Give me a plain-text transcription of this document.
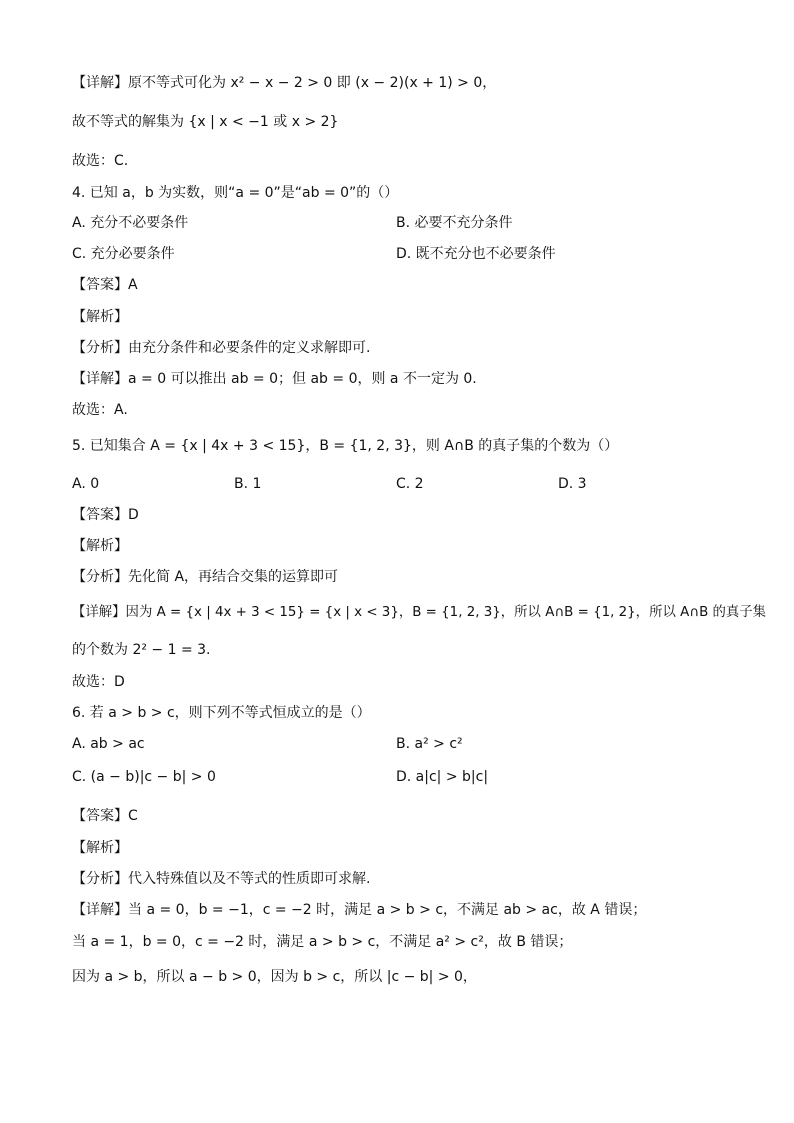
【详解】原不等式可化为 x² − x − 2 > 0 即 (x − 2)(x + 1) > 0，
故不等式的解集为 {x | x < −1 或 x > 2}
故选：C.
4. 已知 a，b 为实数，则“a = 0”是“ab = 0”的（）
A. 充分不必要条件	B. 必要不充分条件
C. 充分必要条件	D. 既不充分也不必要条件
【答案】A
【解析】
【分析】由充分条件和必要条件的定义求解即可.
【详解】a = 0 可以推出 ab = 0；但 ab = 0，则 a 不一定为 0.
故选：A.
5. 已知集合 A = {x | 4x + 3 < 15}，B = {1, 2, 3}，则 A∩B 的真子集的个数为（）
A. 0	B. 1	C. 2	D. 3
【答案】D
【解析】
【分析】先化简 A，再结合交集的运算即可
【详解】因为 A = {x | 4x + 3 < 15} = {x | x < 3}，B = {1, 2, 3}，所以 A∩B = {1, 2}，所以 A∩B 的真子集
的个数为 2² − 1 = 3.
故选：D
6. 若 a > b > c，则下列不等式恒成立的是（）
A. ab > ac	B. a² > c²
C. (a − b)|c − b| > 0	D. a|c| > b|c|
【答案】C
【解析】
【分析】代入特殊值以及不等式的性质即可求解.
【详解】当 a = 0，b = −1，c = −2 时，满足 a > b > c，不满足 ab > ac，故 A 错误；
当 a = 1，b = 0，c = −2 时，满足 a > b > c，不满足 a² > c²，故 B 错误；
因为 a > b，所以 a − b > 0，因为 b > c，所以 |c − b| > 0，
